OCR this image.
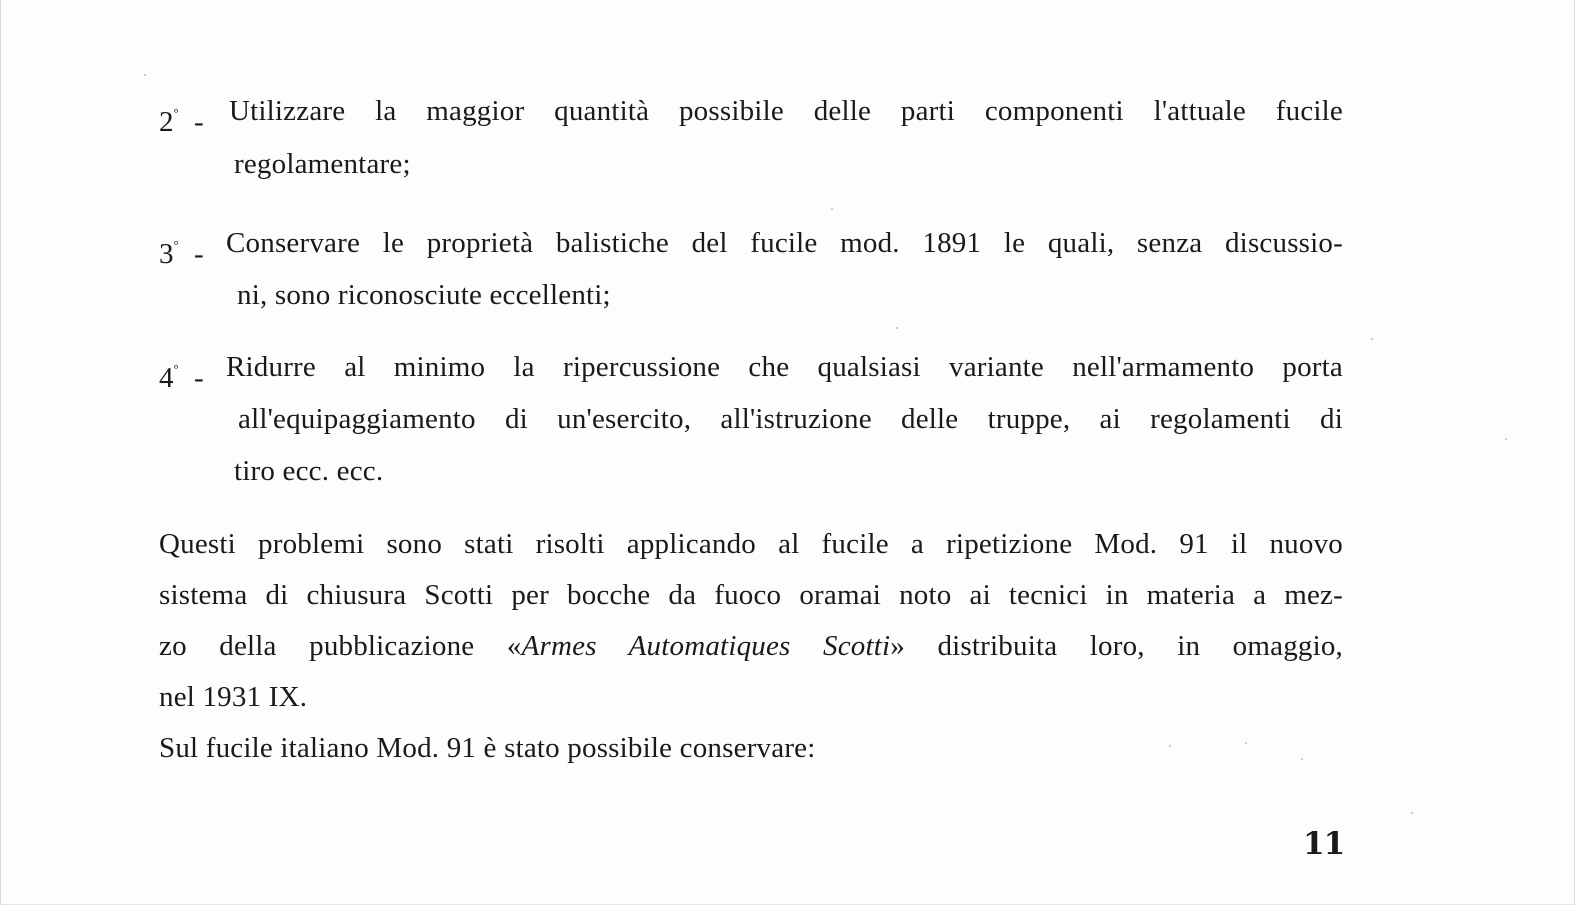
2° - Utilizzare la maggior quantità possibile delle parti componenti l'attuale fucile
regolamentare;
3° - Conservare le proprietà balistiche del fucile mod. 1891 le quali, senza discussio-
ni, sono riconosciute eccellenti;
4° - Ridurre al minimo la ripercussione che qualsiasi variante nell'armamento porta
all'equipaggiamento di un'esercito, all'istruzione delle truppe, ai regolamenti di
tiro ecc. ecc.
Questi problemi sono stati risolti applicando al fucile a ripetizione Mod. 91 il nuovo
sistema di chiusura Scotti per bocche da fuoco oramai noto ai tecnici in materia a mez-
zo della pubblicazione «Armes Automatiques Scotti» distribuita loro, in omaggio,
nel 1931 IX.
Sul fucile italiano Mod. 91 è stato possibile conservare:
11
